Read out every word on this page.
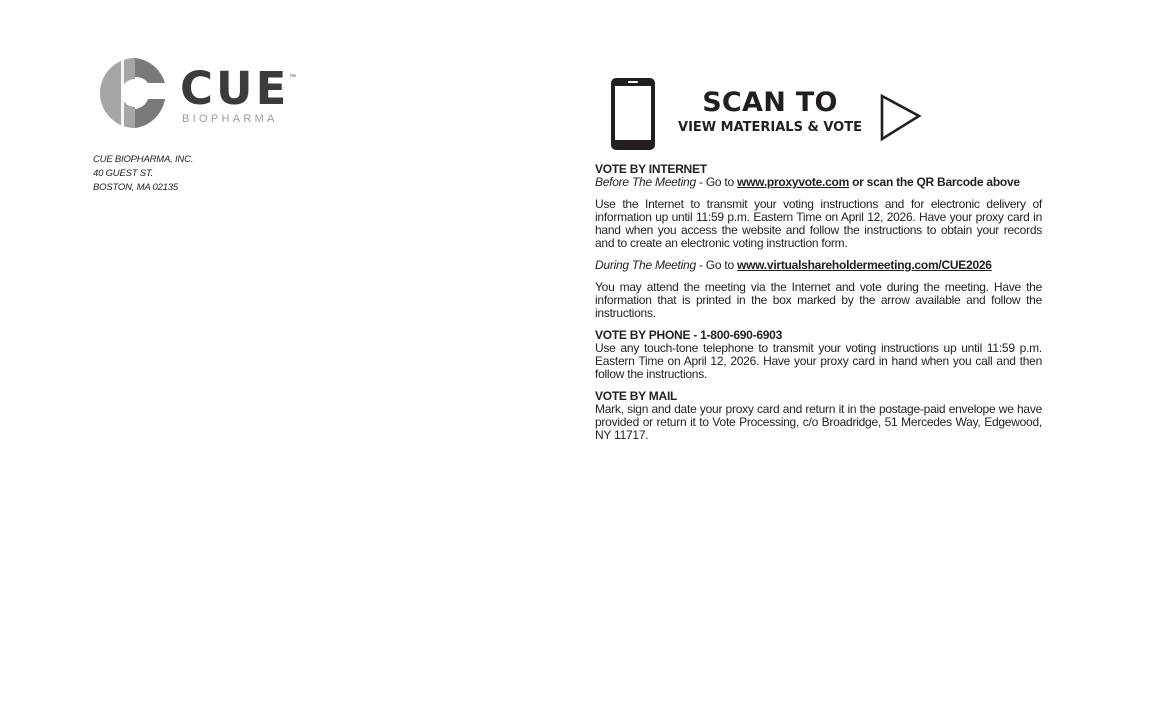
CUE ™
BIOPHARMA
CUE BIOPHARMA, INC.
40 GUEST ST.
BOSTON, MA 02135
SCAN TO
VIEW MATERIALS & VOTE

VOTE BY INTERNET

Before The Meeting - Go to www.proxyvote.com or scan the QR Barcode above

Use the Internet to transmit your voting instructions and for electronic delivery of information up until 11:59 p.m. Eastern Time on April 12, 2026. Have your proxy card in hand when you access the website and follow the instructions to obtain your records and to create an electronic voting instruction form.

During The Meeting - Go to www.virtualshareholdermeeting.com/CUE2026

You may attend the meeting via the Internet and vote during the meeting. Have the information that is printed in the box marked by the arrow available and follow the instructions.

VOTE BY PHONE - 1-800-690-6903

Use any touch-tone telephone to transmit your voting instructions up until 11:59 p.m. Eastern Time on April 12, 2026. Have your proxy card in hand when you call and then follow the instructions.

VOTE BY MAIL

Mark, sign and date your proxy card and return it in the postage-paid envelope we have provided or return it to Vote Processing, c/o Broadridge, 51 Mercedes Way, Edgewood, NY 11717.
